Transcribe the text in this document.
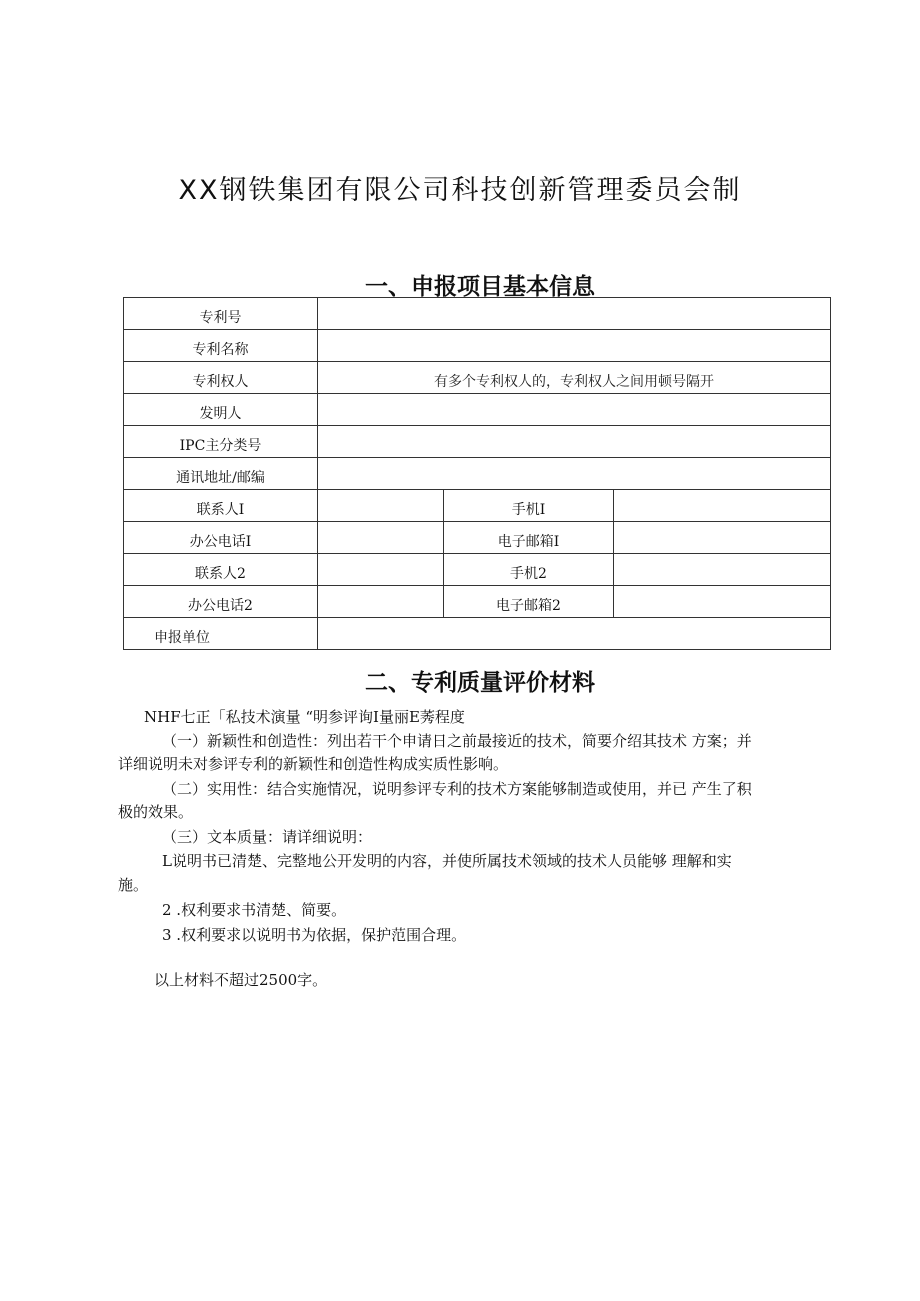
XX钢铁集团有限公司科技创新管理委员会制
一、申报项目基本信息
专利号			
专利名称			
专利权人	有多个专利权人的，专利权人之间用顿号隔开		
发明人			
IPC主分类号			
通讯地址/邮编			
联系人I		手机I	
办公电话I		电子邮箱I	
联系人2		手机2	
办公电话2		电子邮箱2	
申报单位			
二、专利质量评价材料
NHF七正「私技术演量 “明参评询I量丽E莠程度
（一）新颖性和创造性：列出若干个申请日之前最接近的技术，简要介绍其技术 方案；并
详细说明未对参评专利的新颖性和创造性构成实质性影响。
（二）实用性：结合实施情况，说明参评专利的技术方案能够制造或使用，并已 产生了积
极的效果。
（三）文本质量：请详细说明：
L说明书已清楚、完整地公开发明的内容，并使所属技术领域的技术人员能够 理解和实
施。
2 .权利要求书清楚、简要。
3 .权利要求以说明书为依据，保护范围合理。
以上材料不超过2500字。
